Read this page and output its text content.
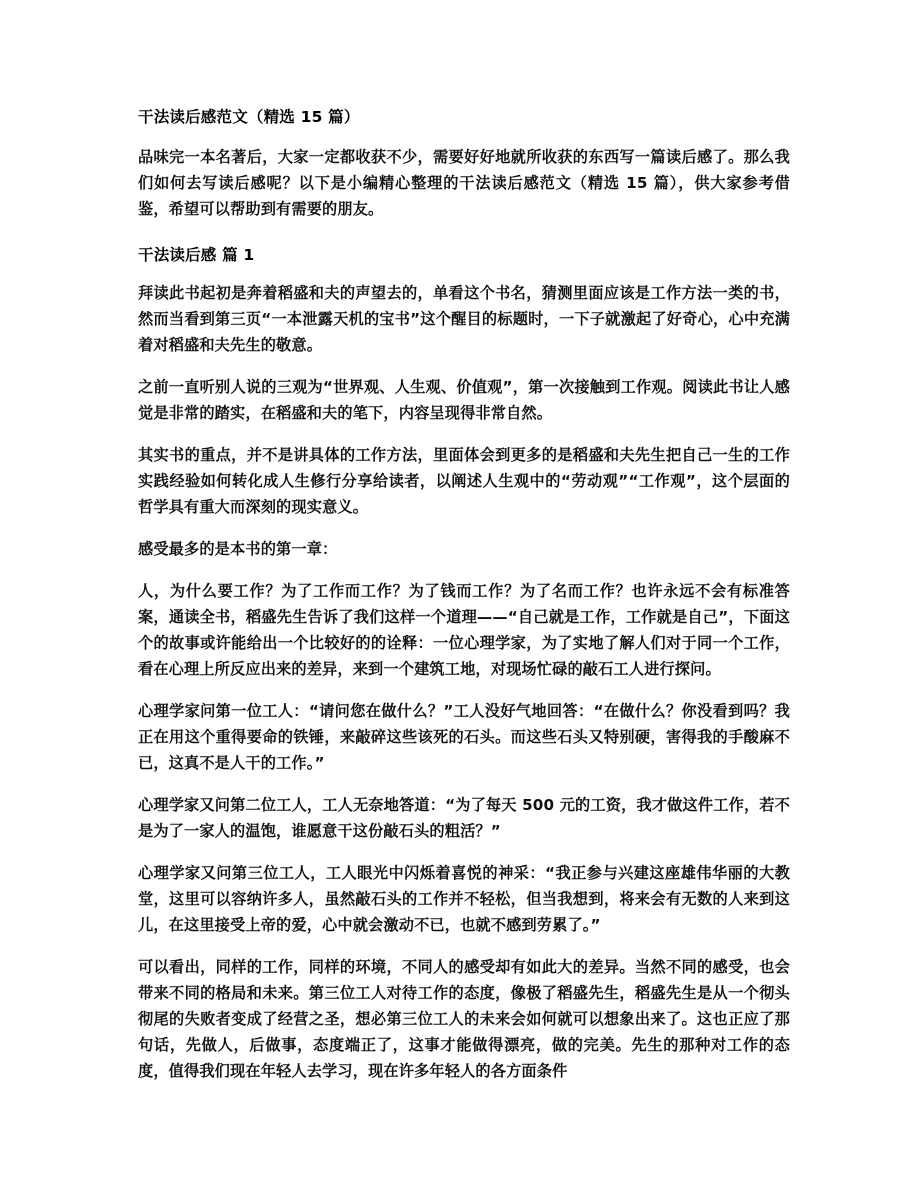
干法读后感范文（精选 15 篇）

品味完一本名著后，大家一定都收获不少，需要好好地就所收获的东西写一篇读后感了。那么我们如何去写读后感呢？以下是小编精心整理的干法读后感范文（精选 15 篇），供大家参考借鉴，希望可以帮助到有需要的朋友。

干法读后感 篇 1

拜读此书起初是奔着稻盛和夫的声望去的，单看这个书名，猜测里面应该是工作方法一类的书，然而当看到第三页“一本泄露天机的宝书”这个醒目的标题时，一下子就激起了好奇心，心中充满着对稻盛和夫先生的敬意。

之前一直听别人说的三观为“世界观、人生观、价值观”，第一次接触到工作观。阅读此书让人感觉是非常的踏实，在稻盛和夫的笔下，内容呈现得非常自然。

其实书的重点，并不是讲具体的工作方法，里面体会到更多的是稻盛和夫先生把自己一生的工作实践经验如何转化成人生修行分享给读者，以阐述人生观中的“劳动观”“工作观”，这个层面的哲学具有重大而深刻的现实意义。

感受最多的是本书的第一章：

人，为什么要工作？为了工作而工作？为了钱而工作？为了名而工作？也许永远不会有标准答案，通读全书，稻盛先生告诉了我们这样一个道理——“自己就是工作，工作就是自己”，下面这个的故事或许能给出一个比较好的的诠释：一位心理学家，为了实地了解人们对于同一个工作，看在心理上所反应出来的差异，来到一个建筑工地，对现场忙碌的敲石工人进行探问。

心理学家问第一位工人：“请问您在做什么？”工人没好气地回答：“在做什么？你没看到吗？我正在用这个重得要命的铁锤，来敲碎这些该死的石头。而这些石头又特别硬，害得我的手酸麻不已，这真不是人干的工作。”

心理学家又问第二位工人，工人无奈地答道：“为了每天 500 元的工资，我才做这件工作，若不是为了一家人的温饱，谁愿意干这份敲石头的粗活？”

心理学家又问第三位工人，工人眼光中闪烁着喜悦的神采：“我正参与兴建这座雄伟华丽的大教堂，这里可以容纳许多人，虽然敲石头的工作并不轻松，但当我想到，将来会有无数的人来到这儿，在这里接受上帝的爱，心中就会激动不已，也就不感到劳累了。”

可以看出，同样的工作，同样的环境，不同人的感受却有如此大的差异。当然不同的感受，也会带来不同的格局和未来。第三位工人对待工作的态度，像极了稻盛先生，稻盛先生是从一个彻头彻尾的失败者变成了经营之圣，想必第三位工人的未来会如何就可以想象出来了。这也正应了那句话，先做人，后做事，态度端正了，这事才能做得漂亮，做的完美。先生的那种对工作的态度，值得我们现在年轻人去学习，现在许多年轻人的各方面条件
